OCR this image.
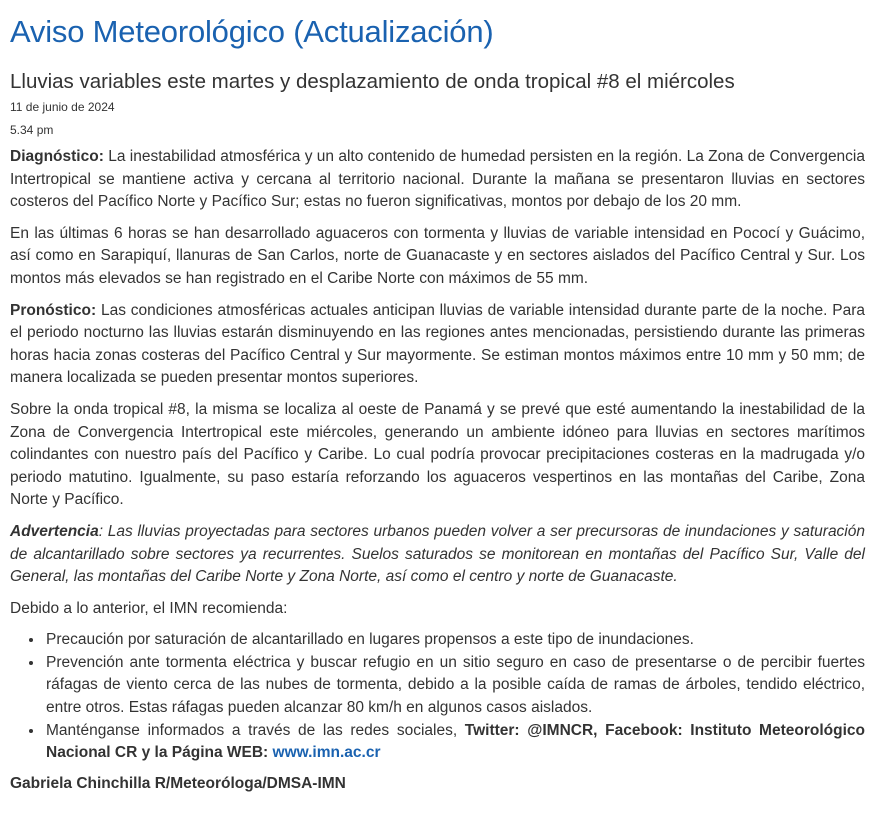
Aviso Meteorológico (Actualización)
Lluvias variables este martes y desplazamiento de onda tropical #8 el miércoles
11 de junio de 2024
5.34 pm

Diagnóstico: La inestabilidad atmosférica y un alto contenido de humedad persisten en la región. La Zona de Convergencia Intertropical se mantiene activa y cercana al territorio nacional. Durante la mañana se presentaron lluvias en sectores costeros del Pacífico Norte y Pacífico Sur; estas no fueron significativas, montos por debajo de los 20 mm.

En las últimas 6 horas se han desarrollado aguaceros con tormenta y lluvias de variable intensidad en Pococí y Guácimo, así como en Sarapiquí, llanuras de San Carlos, norte de Guanacaste y en sectores aislados del Pacífico Central y Sur. Los montos más elevados se han registrado en el Caribe Norte con máximos de 55 mm.

Pronóstico: Las condiciones atmosféricas actuales anticipan lluvias de variable intensidad durante parte de la noche. Para el periodo nocturno las lluvias estarán disminuyendo en las regiones antes mencionadas, persistiendo durante las primeras horas hacia zonas costeras del Pacífico Central y Sur mayormente. Se estiman montos máximos entre 10 mm y 50 mm; de manera localizada se pueden presentar montos superiores.

Sobre la onda tropical #8, la misma se localiza al oeste de Panamá y se prevé que esté aumentando la inestabilidad de la Zona de Convergencia Intertropical este miércoles, generando un ambiente idóneo para lluvias en sectores marítimos colindantes con nuestro país del Pacífico y Caribe. Lo cual podría provocar precipitaciones costeras en la madrugada y/o periodo matutino. Igualmente, su paso estaría reforzando los aguaceros vespertinos en las montañas del Caribe, Zona Norte y Pacífico.

Advertencia: Las lluvias proyectadas para sectores urbanos pueden volver a ser precursoras de inundaciones y saturación de alcantarillado sobre sectores ya recurrentes. Suelos saturados se monitorean en montañas del Pacífico Sur, Valle del General, las montañas del Caribe Norte y Zona Norte, así como el centro y norte de Guanacaste.

Debido a lo anterior, el IMN recomienda:

• Precaución por saturación de alcantarillado en lugares propensos a este tipo de inundaciones.
• Prevención ante tormenta eléctrica y buscar refugio en un sitio seguro en caso de presentarse o de percibir fuertes ráfagas de viento cerca de las nubes de tormenta, debido a la posible caída de ramas de árboles, tendido eléctrico, entre otros. Estas ráfagas pueden alcanzar 80 km/h en algunos casos aislados.
• Manténganse informados a través de las redes sociales, Twitter: @IMNCR, Facebook: Instituto Meteorológico Nacional CR y la Página WEB: www.imn.ac.cr
Gabriela Chinchilla R/Meteoróloga/DMSA-IMN
